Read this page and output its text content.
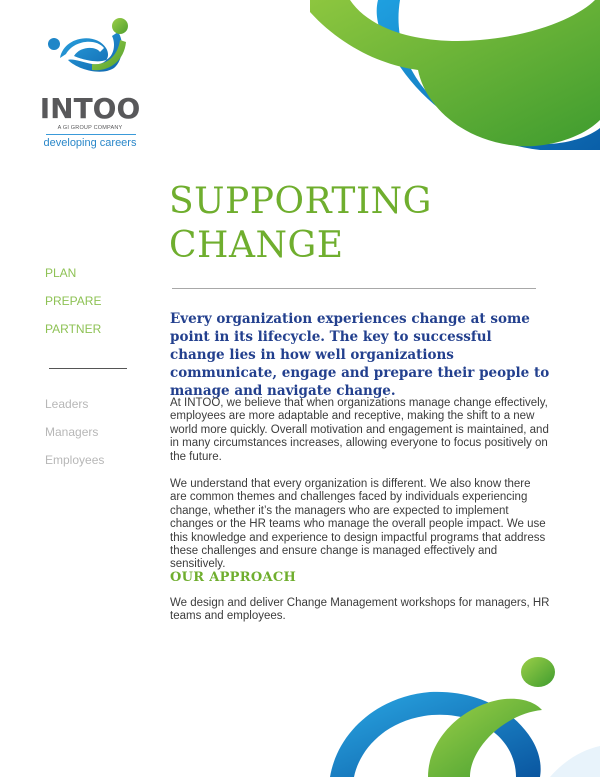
INTOO
A GI GROUP COMPANY
developing careers
SUPPORTING
CHANGE
PLAN
PREPARE
PARTNER
Leaders
Managers
Employees
Every organization experiences change at some point in its lifecycle. The key to successful change lies in how well organizations communicate, engage and prepare their people to manage and navigate change.
At INTOO, we believe that when organizations manage change effectively, employees are more adaptable and receptive, making the shift to a new world more quickly. Overall motivation and engagement is maintained, and in many circumstances increases, allowing everyone to focus positively on the future.
We understand that every organization is different. We also know there are common themes and challenges faced by individuals experiencing change, whether it’s the managers who are expected to implement changes or the HR teams who manage the overall people impact. We use this knowledge and experience to design impactful programs that address these challenges and ensure change is managed effectively and sensitively.
OUR APPROACH
We design and deliver Change Management workshops for managers, HR teams and employees.
